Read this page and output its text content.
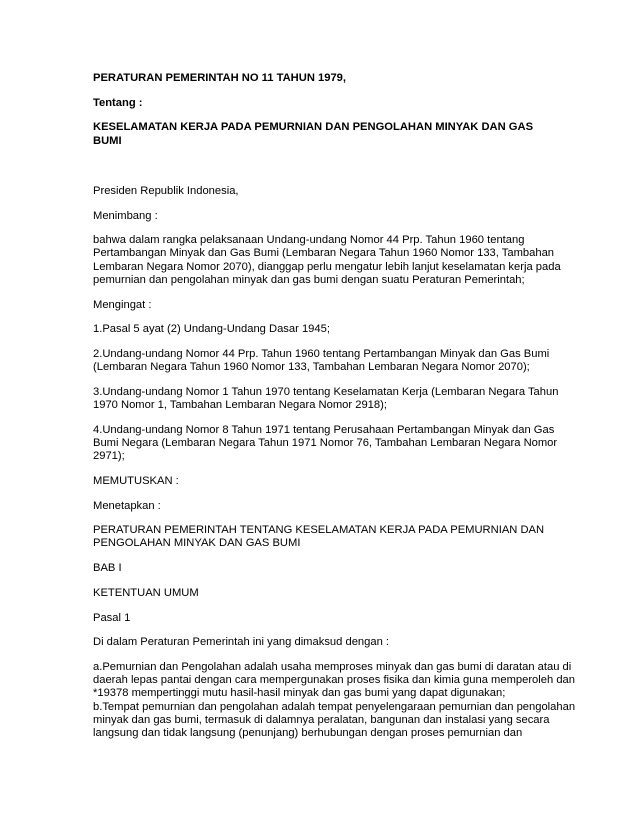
PERATURAN PEMERINTAH NO 11 TAHUN 1979,

Tentang :

KESELAMATAN KERJA PADA PEMURNIAN DAN PENGOLAHAN MINYAK DAN GAS BUMI

Presiden Republik Indonesia,

Menimbang :

bahwa dalam rangka pelaksanaan Undang-undang Nomor 44 Prp. Tahun 1960 tentang
Pertambangan Minyak dan Gas Bumi (Lembaran Negara Tahun 1960 Nomor 133, Tambahan
Lembaran Negara Nomor 2070), dianggap perlu mengatur lebih lanjut keselamatan kerja pada
pemurnian dan pengolahan minyak dan gas bumi dengan suatu Peraturan Pemerintah;

Mengingat :

1.Pasal 5 ayat (2) Undang-Undang Dasar 1945;

2.Undang-undang Nomor 44 Prp. Tahun 1960 tentang Pertambangan Minyak dan Gas Bumi
(Lembaran Negara Tahun 1960 Nomor 133, Tambahan Lembaran Negara Nomor 2070);

3.Undang-undang Nomor 1 Tahun 1970 tentang Keselamatan Kerja (Lembaran Negara Tahun
1970 Nomor 1, Tambahan Lembaran Negara Nomor 2918);

4.Undang-undang Nomor 8 Tahun 1971 tentang Perusahaan Pertambangan Minyak dan Gas
Bumi Negara (Lembaran Negara Tahun 1971 Nomor 76, Tambahan Lembaran Negara Nomor
2971);

MEMUTUSKAN :

Menetapkan :

PERATURAN PEMERINTAH TENTANG KESELAMATAN KERJA PADA PEMURNIAN DAN
PENGOLAHAN MINYAK DAN GAS BUMI

BAB I

KETENTUAN UMUM

Pasal 1

Di dalam Peraturan Pemerintah ini yang dimaksud dengan :

a.Pemurnian dan Pengolahan adalah usaha memproses minyak dan gas bumi di daratan atau di
daerah lepas pantai dengan cara mempergunakan proses fisika dan kimia guna memperoleh dan
*19378 mempertinggi mutu hasil-hasil minyak dan gas bumi yang dapat digunakan;
b.Tempat pemurnian dan pengolahan adalah tempat penyelengaraan pemurnian dan pengolahan
minyak dan gas bumi, termasuk di dalamnya peralatan, bangunan dan instalasi yang secara
langsung dan tidak langsung (penunjang) berhubungan dengan proses pemurnian dan
